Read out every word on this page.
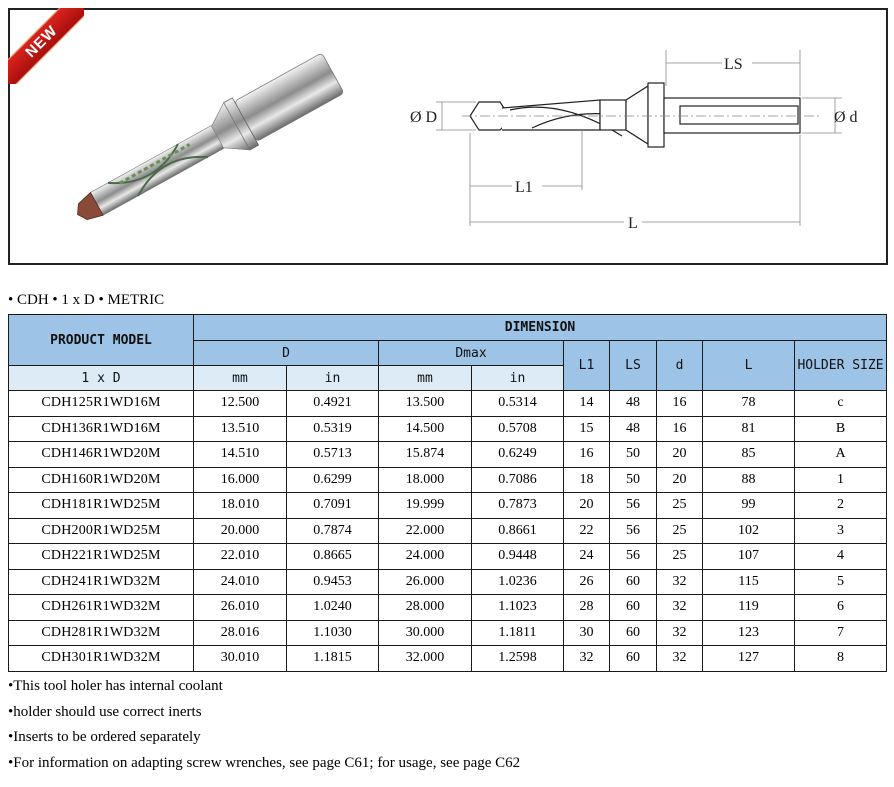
NEW
Ø D	Ø d
LS
L1
L
• CDH • 1 x D • METRIC
PRODUCT MODEL	DIMENSION								
	D		Dmax		L1	LS	d	L	HOLDER SIZE
1 x D	mm	in	mm	in					
CDH125R1WD16M	12.500	0.4921	13.500	0.5314	14	48	16	78	c
CDH136R1WD16M	13.510	0.5319	14.500	0.5708	15	48	16	81	B
CDH146R1WD20M	14.510	0.5713	15.874	0.6249	16	50	20	85	A
CDH160R1WD20M	16.000	0.6299	18.000	0.7086	18	50	20	88	1
CDH181R1WD25M	18.010	0.7091	19.999	0.7873	20	56	25	99	2
CDH200R1WD25M	20.000	0.7874	22.000	0.8661	22	56	25	102	3
CDH221R1WD25M	22.010	0.8665	24.000	0.9448	24	56	25	107	4
CDH241R1WD32M	24.010	0.9453	26.000	1.0236	26	60	32	115	5
CDH261R1WD32M	26.010	1.0240	28.000	1.1023	28	60	32	119	6
CDH281R1WD32M	28.016	1.1030	30.000	1.1811	30	60	32	123	7
CDH301R1WD32M	30.010	1.1815	32.000	1.2598	32	60	32	127	8
•This tool holer has internal coolant
•holder should use correct inerts
•Inserts to be ordered separately
•For information on adapting screw wrenches, see page C61; for usage, see page C62
